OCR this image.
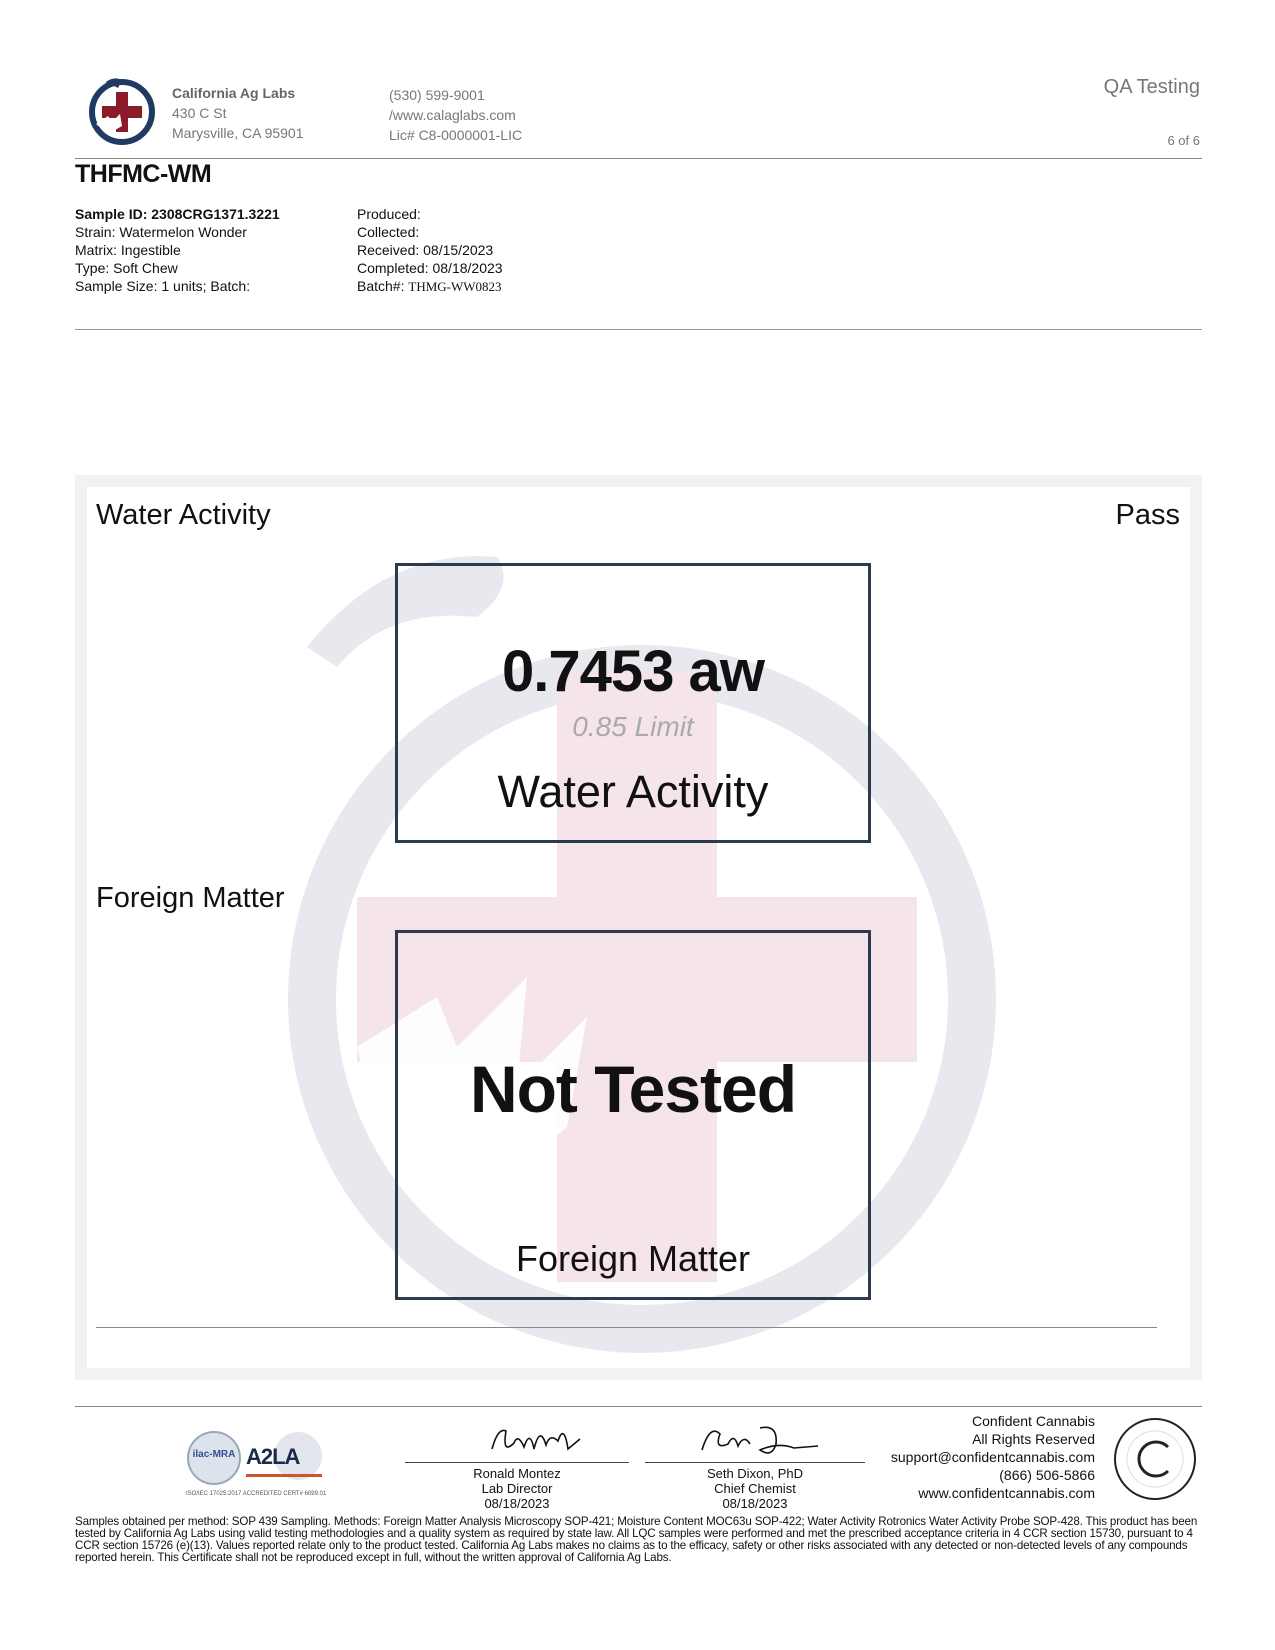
California Ag Labs
430 C St
Marysville, CA 95901
(530) 599-9001
/www.calaglabs.com
Lic# C8-0000001-LIC
QA Testing
6 of 6
THFMC-WM
Sample ID: 2308CRG1371.3221
Strain: Watermelon Wonder
Matrix: Ingestible
Type: Soft Chew
Sample Size: 1 units; Batch:
Produced:
Collected:
Received: 08/15/2023
Completed: 08/18/2023
Batch#: THMG-WW0823
Water Activity	Pass
0.7453 aw
0.85 Limit
Water Activity
Foreign Matter
Not Tested
Foreign Matter
ilac-MRA A2LA
ISO/IEC 17025:2017 ACCREDITED CERT# 6099.01
Ronald Montez
Lab Director
08/18/2023
Seth Dixon, PhD
Chief Chemist
08/18/2023
Confident Cannabis
All Rights Reserved
support@confidentcannabis.com
(866) 506-5866
www.confidentcannabis.com
Samples obtained per method: SOP 439 Sampling. Methods: Foreign Matter Analysis Microscopy SOP-421; Moisture Content MOC63u SOP-422; Water Activity Rotronics Water Activity Probe SOP-428. This product has been tested by California Ag Labs using valid testing methodologies and a quality system as required by state law. All LQC samples were performed and met the prescribed acceptance criteria in 4 CCR section 15730, pursuant to 4 CCR section 15726 (e)(13). Values reported relate only to the product tested. California Ag Labs makes no claims as to the efficacy, safety or other risks associated with any detected or non-detected levels of any compounds reported herein. This Certificate shall not be reproduced except in full, without the written approval of California Ag Labs.
